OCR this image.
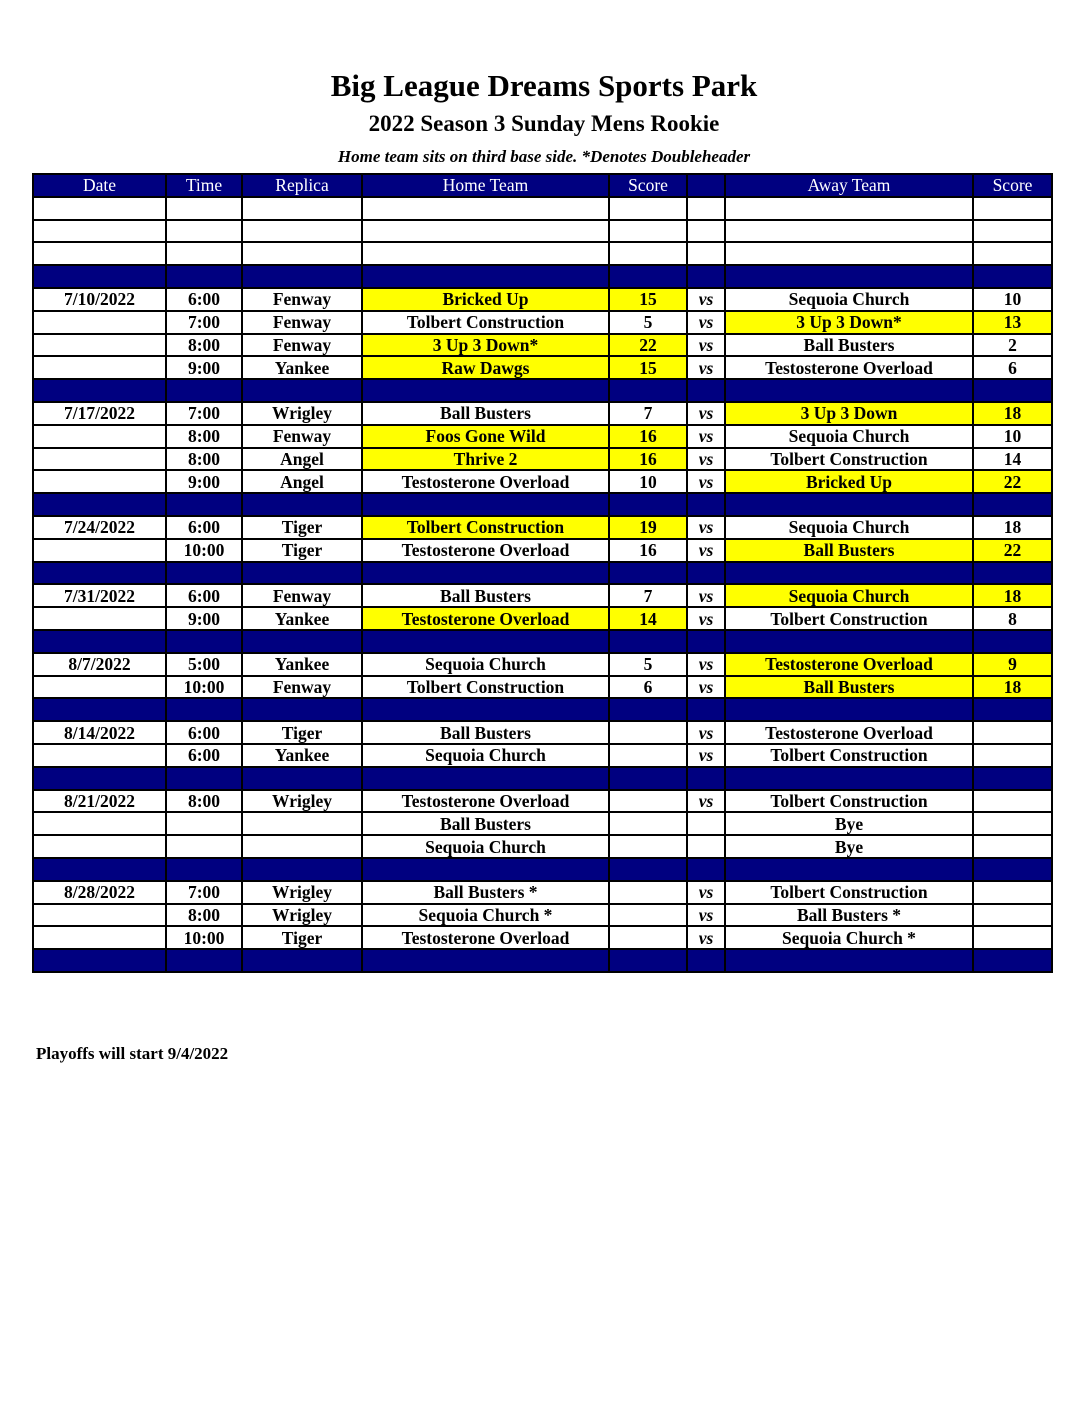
Big League Dreams Sports Park
2022 Season 3 Sunday Mens Rookie
Home team sits on third base side. *Denotes Doubleheader
Date	Time	Replica	Home Team	Score		Away Team	Score

7/10/2022	6:00	Fenway	Bricked Up	15	vs	Sequoia Church	10
	7:00	Fenway	Tolbert Construction	5	vs	3 Up 3 Down*	13
	8:00	Fenway	3 Up 3 Down*	22	vs	Ball Busters	2
	9:00	Yankee	Raw Dawgs	15	vs	Testosterone Overload	6

7/17/2022	7:00	Wrigley	Ball Busters	7	vs	3 Up 3 Down	18
	8:00	Fenway	Foos Gone Wild	16	vs	Sequoia Church	10
	8:00	Angel	Thrive 2	16	vs	Tolbert Construction	14
	9:00	Angel	Testosterone Overload	10	vs	Bricked Up	22

7/24/2022	6:00	Tiger	Tolbert Construction	19	vs	Sequoia Church	18
	10:00	Tiger	Testosterone Overload	16	vs	Ball Busters	22

7/31/2022	6:00	Fenway	Ball Busters	7	vs	Sequoia Church	18
	9:00	Yankee	Testosterone Overload	14	vs	Tolbert Construction	8

8/7/2022	5:00	Yankee	Sequoia Church	5	vs	Testosterone Overload	9
	10:00	Fenway	Tolbert Construction	6	vs	Ball Busters	18

8/14/2022	6:00	Tiger	Ball Busters		vs	Testosterone Overload	
	6:00	Yankee	Sequoia Church		vs	Tolbert Construction	

8/21/2022	8:00	Wrigley	Testosterone Overload		vs	Tolbert Construction	
			Ball Busters			Bye	
			Sequoia Church			Bye	

8/28/2022	7:00	Wrigley	Ball Busters *		vs	Tolbert Construction	
	8:00	Wrigley	Sequoia Church *		vs	Ball Busters *	
	10:00	Tiger	Testosterone Overload		vs	Sequoia Church *	

Playoffs will start 9/4/2022
